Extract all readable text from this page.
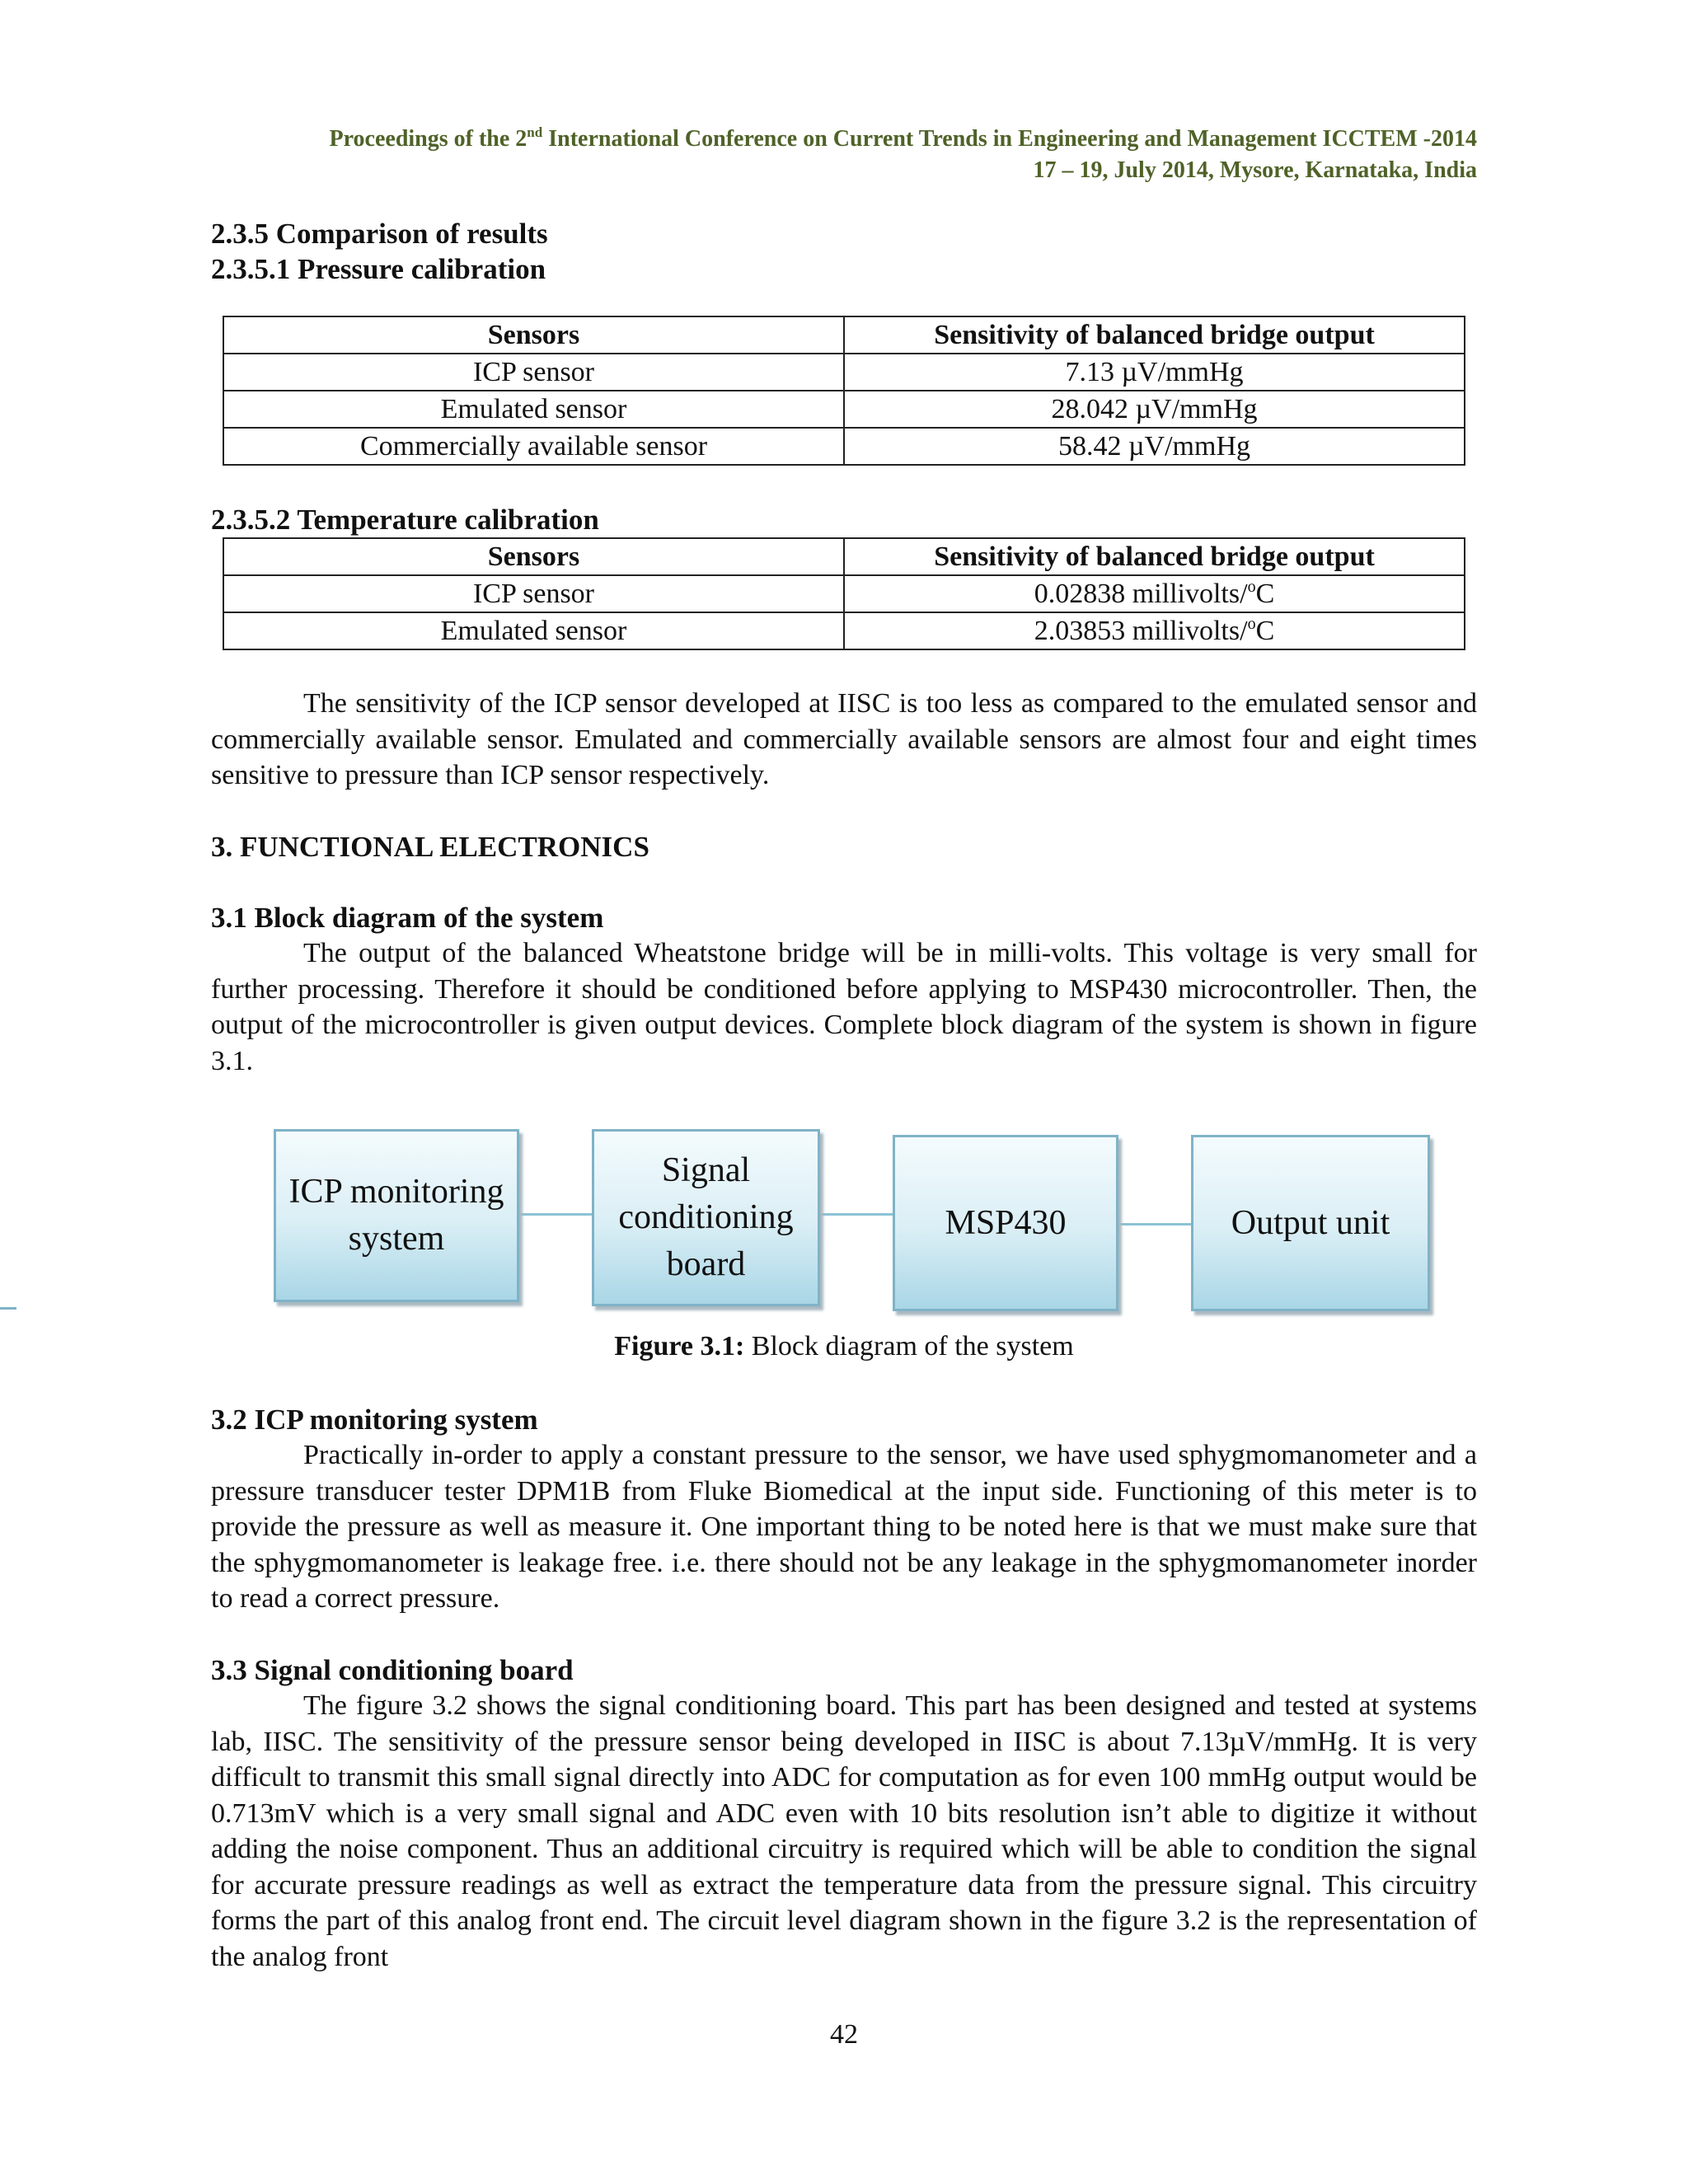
Proceedings of the 2nd International Conference on Current Trends in Engineering and Management ICCTEM -2014
17 – 19, July 2014, Mysore, Karnataka, India
2.3.5 Comparison of results
2.3.5.1 Pressure calibration
Sensors	Sensitivity of balanced bridge output
ICP sensor	7.13 µV/mmHg
Emulated sensor	28.042 µV/mmHg
Commercially available sensor	58.42 µV/mmHg
2.3.5.2 Temperature calibration
Sensors	Sensitivity of balanced bridge output
ICP sensor	0.02838 millivolts/$^o$C
Emulated sensor	2.03853 millivolts/$^o$C
The sensitivity of the ICP sensor developed at IISC is too less as compared to the emulated sensor and commercially available sensor. Emulated and commercially available sensors are almost four and eight times sensitive to pressure than ICP sensor respectively.
3. FUNCTIONAL ELECTRONICS
3.1 Block diagram of the system
The output of the balanced Wheatstone bridge will be in milli-volts. This voltage is very small for further processing. Therefore it should be conditioned before applying to MSP430 microcontroller. Then, the output of the microcontroller is given output devices. Complete block diagram of the system is shown in figure 3.1.
ICP monitoring system
Signal conditioning board
MSP430	Output unit
Figure 3.1: Block diagram of the system
3.2 ICP monitoring system
Practically in-order to apply a constant pressure to the sensor, we have used sphygmomanometer and a pressure transducer tester DPM1B from Fluke Biomedical at the input side. Functioning of this meter is to provide the pressure as well as measure it. One important thing to be noted here is that we must make sure that the sphygmomanometer is leakage free. i.e. there should not be any leakage in the sphygmomanometer inorder to read a correct pressure.
3.3 Signal conditioning board
The figure 3.2 shows the signal conditioning board. This part has been designed and tested at systems lab, IISC. The sensitivity of the pressure sensor being developed in IISC is about 7.13µV/mmHg. It is very difficult to transmit this small signal directly into ADC for computation as for even 100 mmHg output would be 0.713mV which is a very small signal and ADC even with 10 bits resolution isn’t able to digitize it without adding the noise component. Thus an additional circuitry is required which will be able to condition the signal for accurate pressure readings as well as extract the temperature data from the pressure signal. This circuitry forms the part of this analog front end. The circuit level diagram shown in the figure 3.2 is the representation of the analog front
42
